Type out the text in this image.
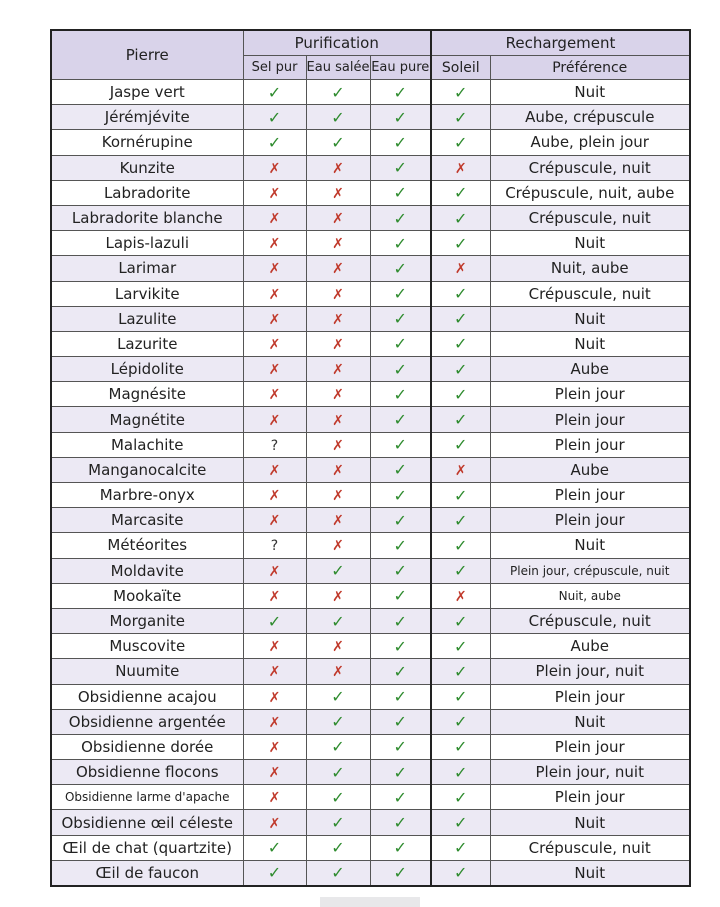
Pierre	Purification			Rechargement	
	Sel pur	Eau salée	Eau pure	Soleil	Préférence
Jaspe vert	✓	✓	✓	✓	Nuit
Jérémjévite	✓	✓	✓	✓	Aube, crépuscule
Kornérupine	✓	✓	✓	✓	Aube, plein jour
Kunzite	✗	✗	✓	✗	Crépuscule, nuit
Labradorite	✗	✗	✓	✓	Crépuscule, nuit, aube
Labradorite blanche	✗	✗	✓	✓	Crépuscule, nuit
Lapis-lazuli	✗	✗	✓	✓	Nuit
Larimar	✗	✗	✓	✗	Nuit, aube
Larvikite	✗	✗	✓	✓	Crépuscule, nuit
Lazulite	✗	✗	✓	✓	Nuit
Lazurite	✗	✗	✓	✓	Nuit
Lépidolite	✗	✗	✓	✓	Aube
Magnésite	✗	✗	✓	✓	Plein jour
Magnétite	✗	✗	✓	✓	Plein jour
Malachite	?	✗	✓	✓	Plein jour
Manganocalcite	✗	✗	✓	✗	Aube
Marbre-onyx	✗	✗	✓	✓	Plein jour
Marcasite	✗	✗	✓	✓	Plein jour
Météorites	?	✗	✓	✓	Nuit
Moldavite	✗	✓	✓	✓	Plein jour, crépuscule, nuit
Mookaïte	✗	✗	✓	✗	Nuit, aube
Morganite	✓	✓	✓	✓	Crépuscule, nuit
Muscovite	✗	✗	✓	✓	Aube
Nuumite	✗	✗	✓	✓	Plein jour, nuit
Obsidienne acajou	✗	✓	✓	✓	Plein jour
Obsidienne argentée	✗	✓	✓	✓	Nuit
Obsidienne dorée	✗	✓	✓	✓	Plein jour
Obsidienne flocons	✗	✓	✓	✓	Plein jour, nuit
Obsidienne larme d'apache	✗	✓	✓	✓	Plein jour
Obsidienne œil céleste	✗	✓	✓	✓	Nuit
Œil de chat (quartzite)	✓	✓	✓	✓	Crépuscule, nuit
Œil de faucon	✓	✓	✓	✓	Nuit
